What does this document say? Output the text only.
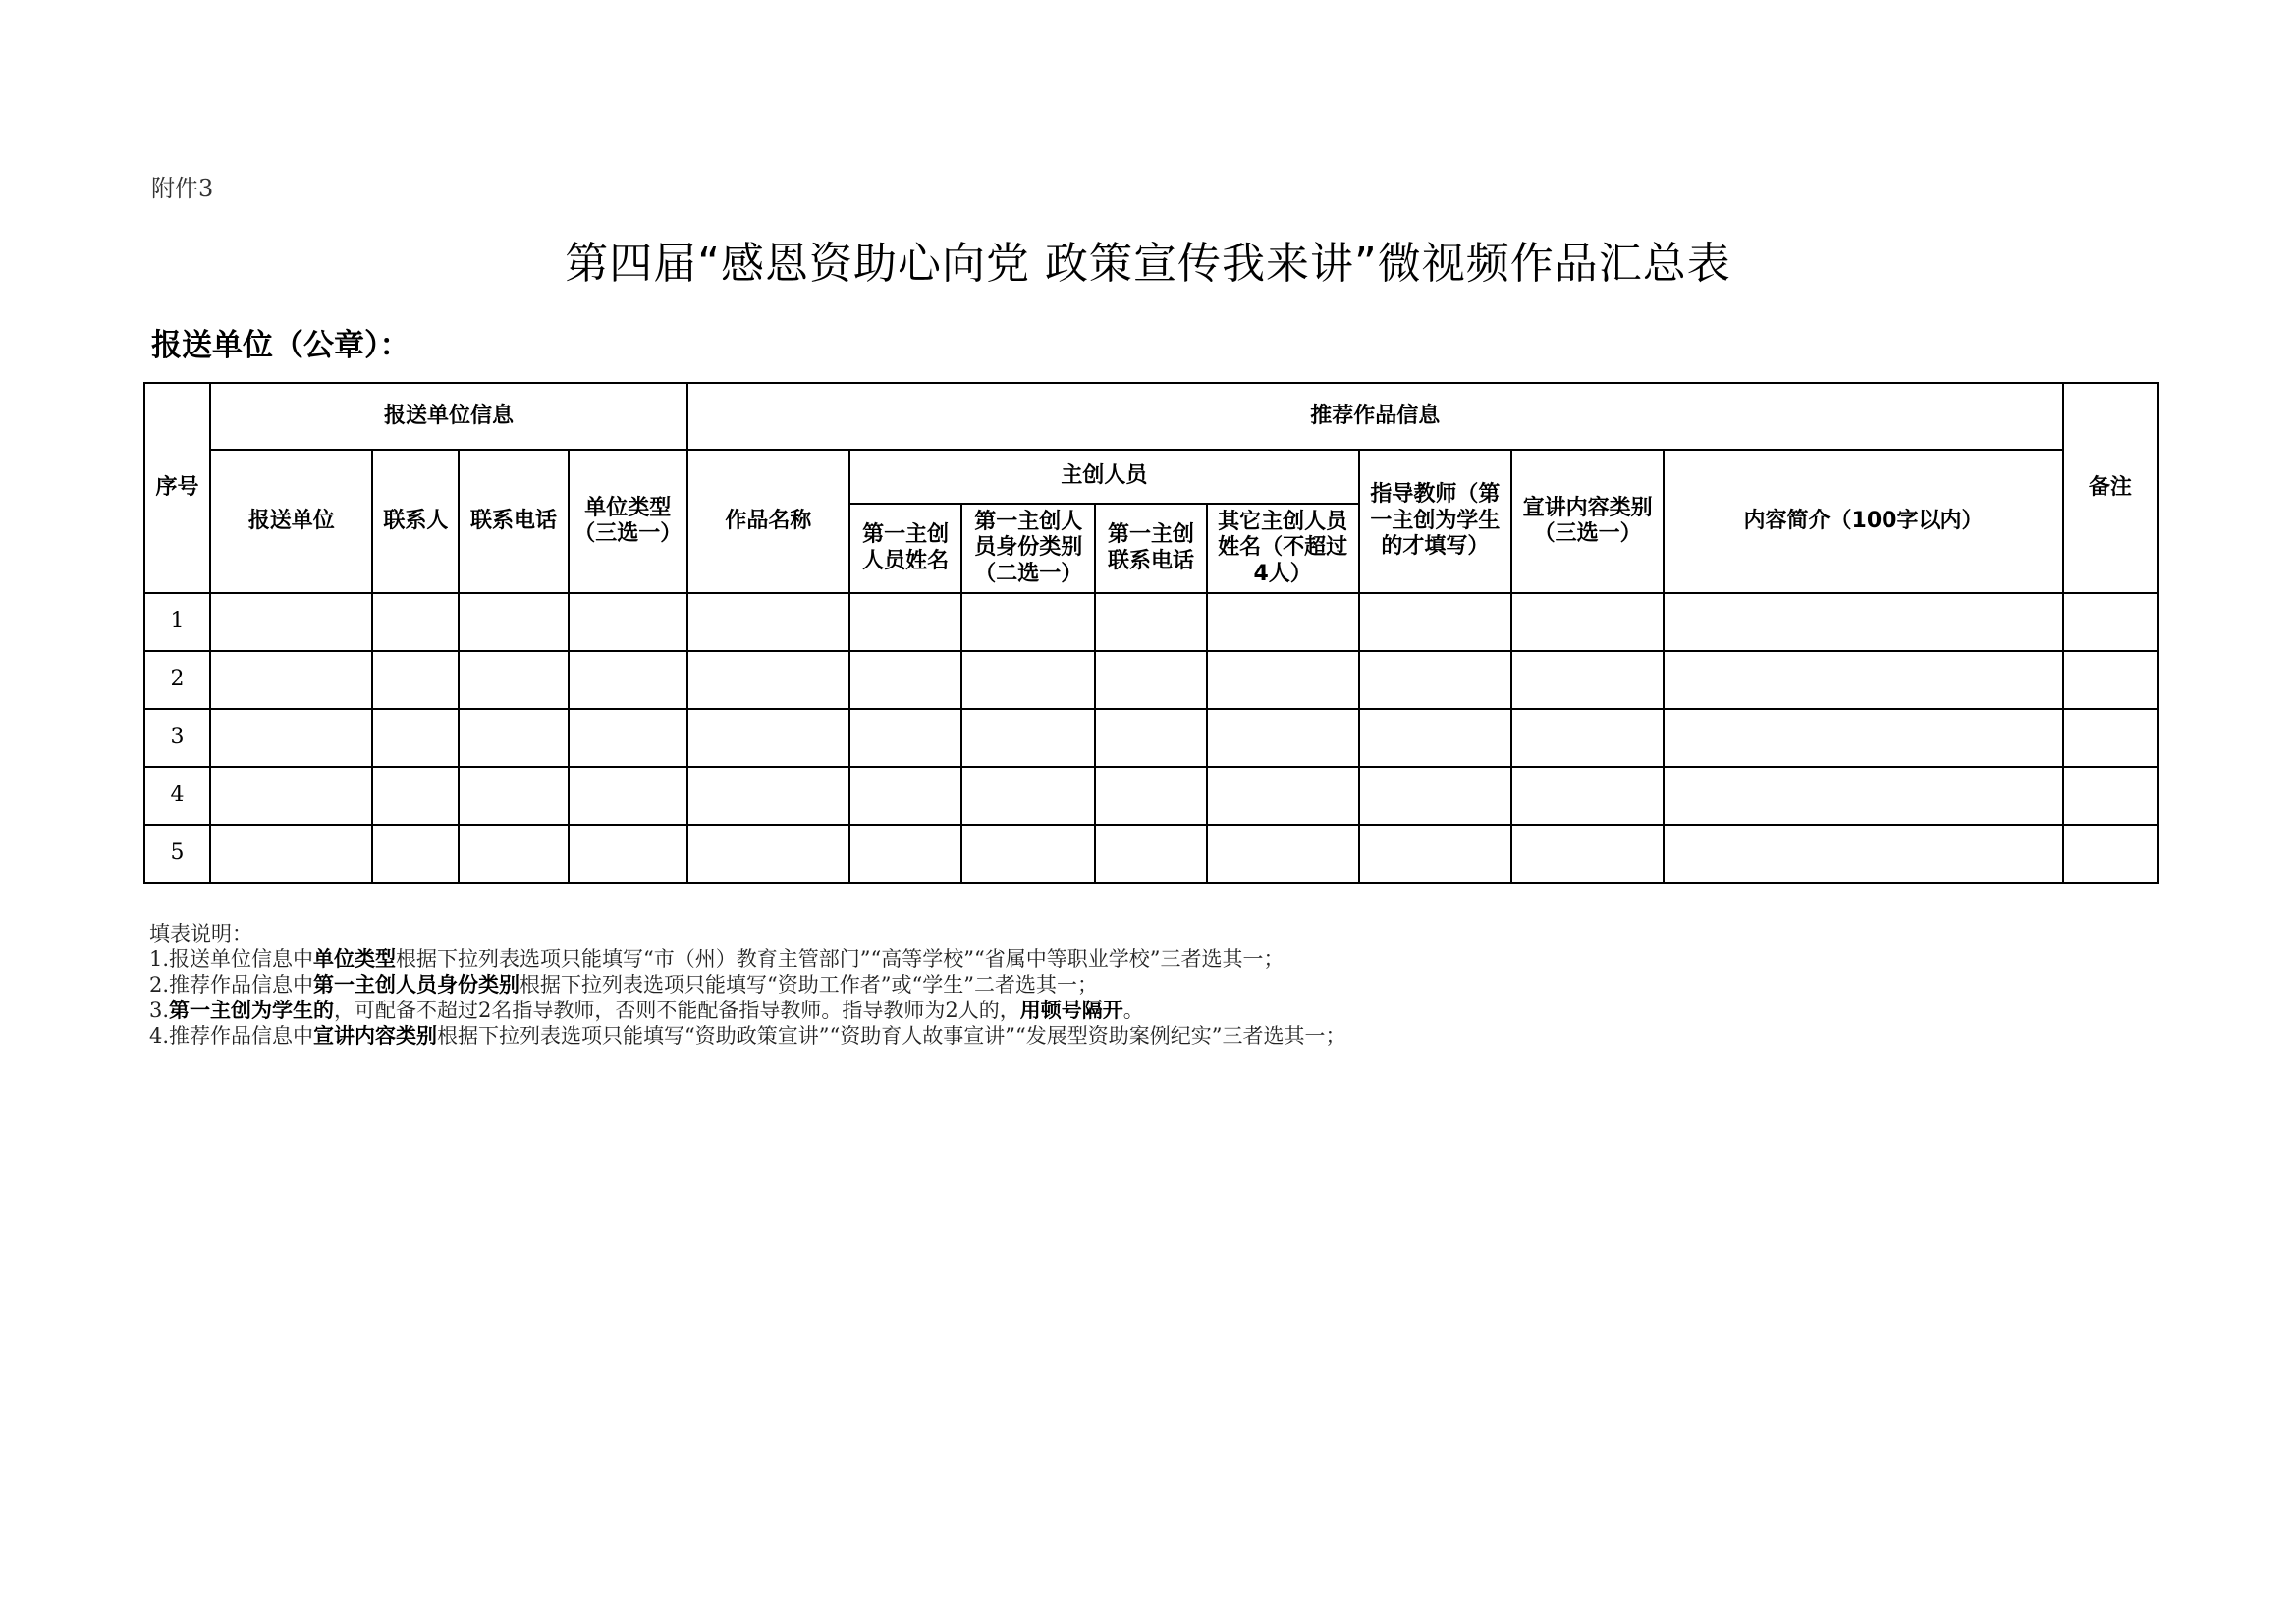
附件3
第四届“感恩资助心向党 政策宣传我来讲”微视频作品汇总表
报送单位（公章）：
序号	报送单位信息				推荐作品信息								备注
	报送单位	联系人	联系电话	单位类型（三选一）	作品名称	主创人员				指导教师（第一主创为学生的才填写）	宣讲内容类别（三选一）	内容简介（100字以内）	
						第一主创人员姓名	第一主创人员身份类别（二选一）	第一主创联系电话	其它主创人员姓名（不超过4人）				
1													
2													
3													
4													
5													
填表说明：
1.报送单位信息中单位类型根据下拉列表选项只能填写“市（州）教育主管部门”“高等学校”“省属中等职业学校”三者选其一；
2.推荐作品信息中第一主创人员身份类别根据下拉列表选项只能填写“资助工作者”或“学生”二者选其一；
3.第一主创为学生的，可配备不超过2名指导教师，否则不能配备指导教师。指导教师为2人的，用顿号隔开。
4.推荐作品信息中宣讲内容类别根据下拉列表选项只能填写“资助政策宣讲”“资助育人故事宣讲”“发展型资助案例纪实”三者选其一；
